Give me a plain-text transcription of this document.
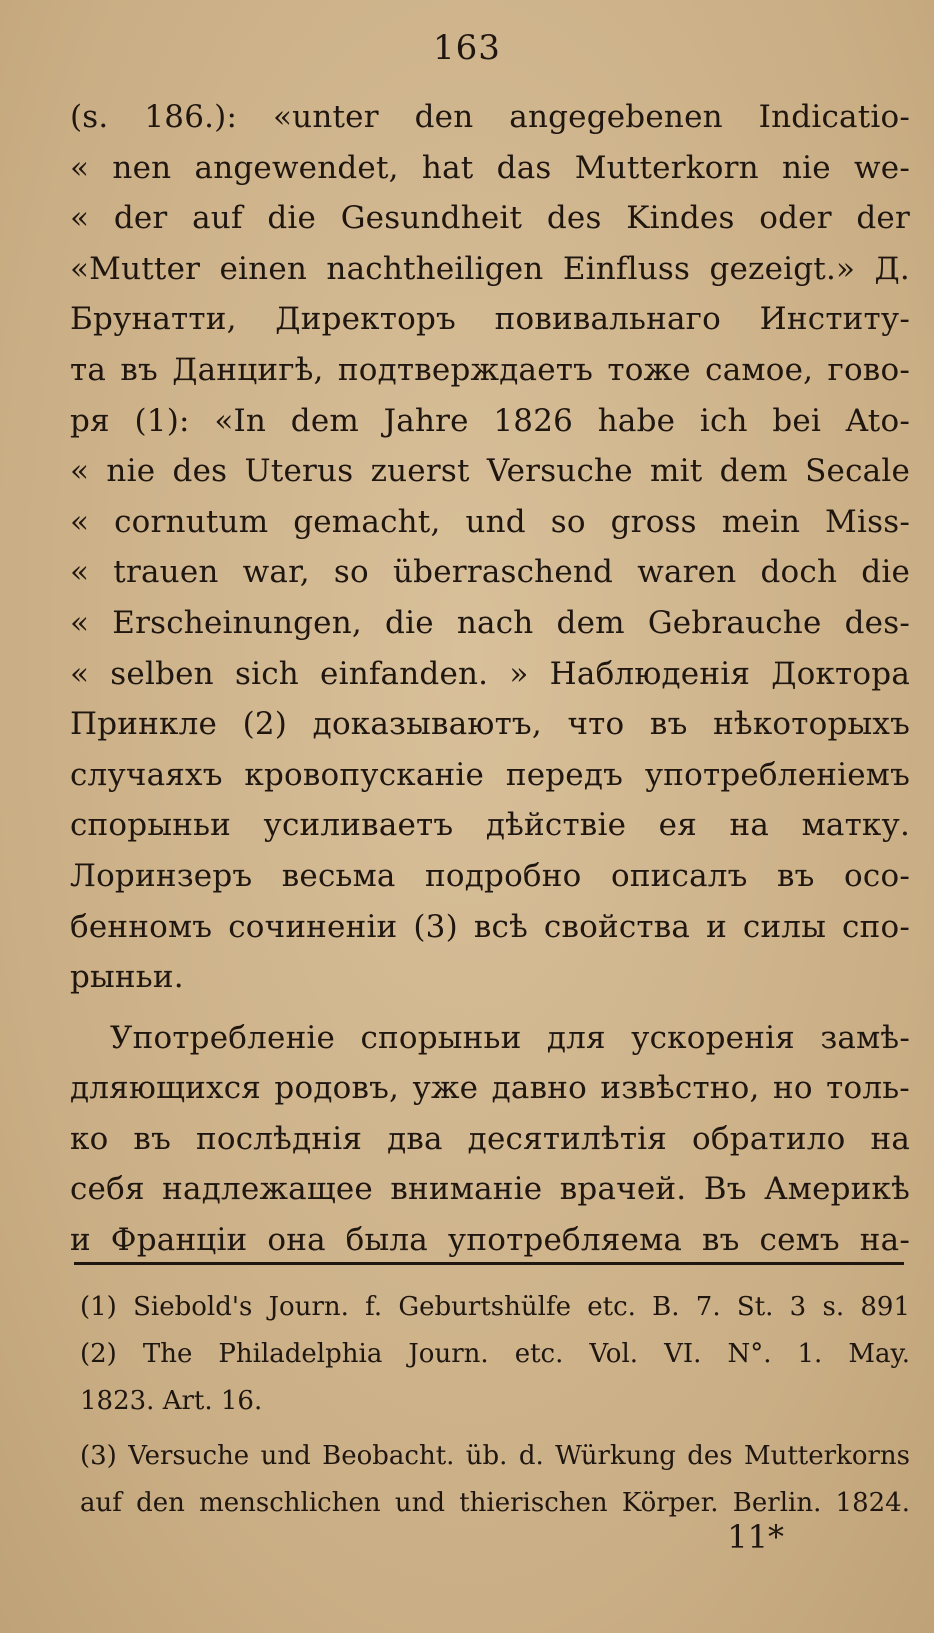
163
(s. 186.): «unter den angegebenen Indicatio-
« nen angewendet, hat das Mutterkorn nie we-
« der auf die Gesundheit des Kindes oder der
«Mutter einen nachtheiligen Einfluss gezeigt.» Д.
Брунатти, Директоръ повивальнаго Институ-
та въ Данцигѣ, подтверждаетъ тоже самое, гово-
ря (1): «In dem Jahre 1826 habe ich bei Ato-
« nie des Uterus zuerst Versuche mit dem Secale
« cornutum gemacht, und so gross mein Miss-
« trauen war, so überraschend waren doch die
« Erscheinungen, die nach dem Gebrauche des-
« selben sich einfanden. » Наблюденія Доктора
Принкле (2) доказываютъ, что въ нѣкоторыхъ
случаяхъ кровопусканіе передъ употребленіемъ
спорыньи усиливаетъ дѣйствіе ея на матку.
Лоринзеръ весьма подробно описалъ въ осо-
бенномъ сочиненіи (3) всѣ свойства и силы спо-
рыньи.
Употребленіе спорыньи для ускоренія замѣ-
дляющихся родовъ, уже давно извѣстно, но толь-
ко въ послѣднія два десятилѣтія обратило на
себя надлежащее вниманіе врачей. Въ Америкѣ
и Франціи она была употребляема въ семъ на-
(1) Siebold's Journ. f. Geburtshülfe etc. B. 7. St. 3 s. 891
(2) The Philadelphia Journ. etc. Vol. VI. N°. 1. May.
1823. Art. 16.
(3) Versuche und Beobacht. üb. d. Würkung des Mutterkorns
auf den menschlichen und thierischen Körper. Berlin. 1824.
11*
